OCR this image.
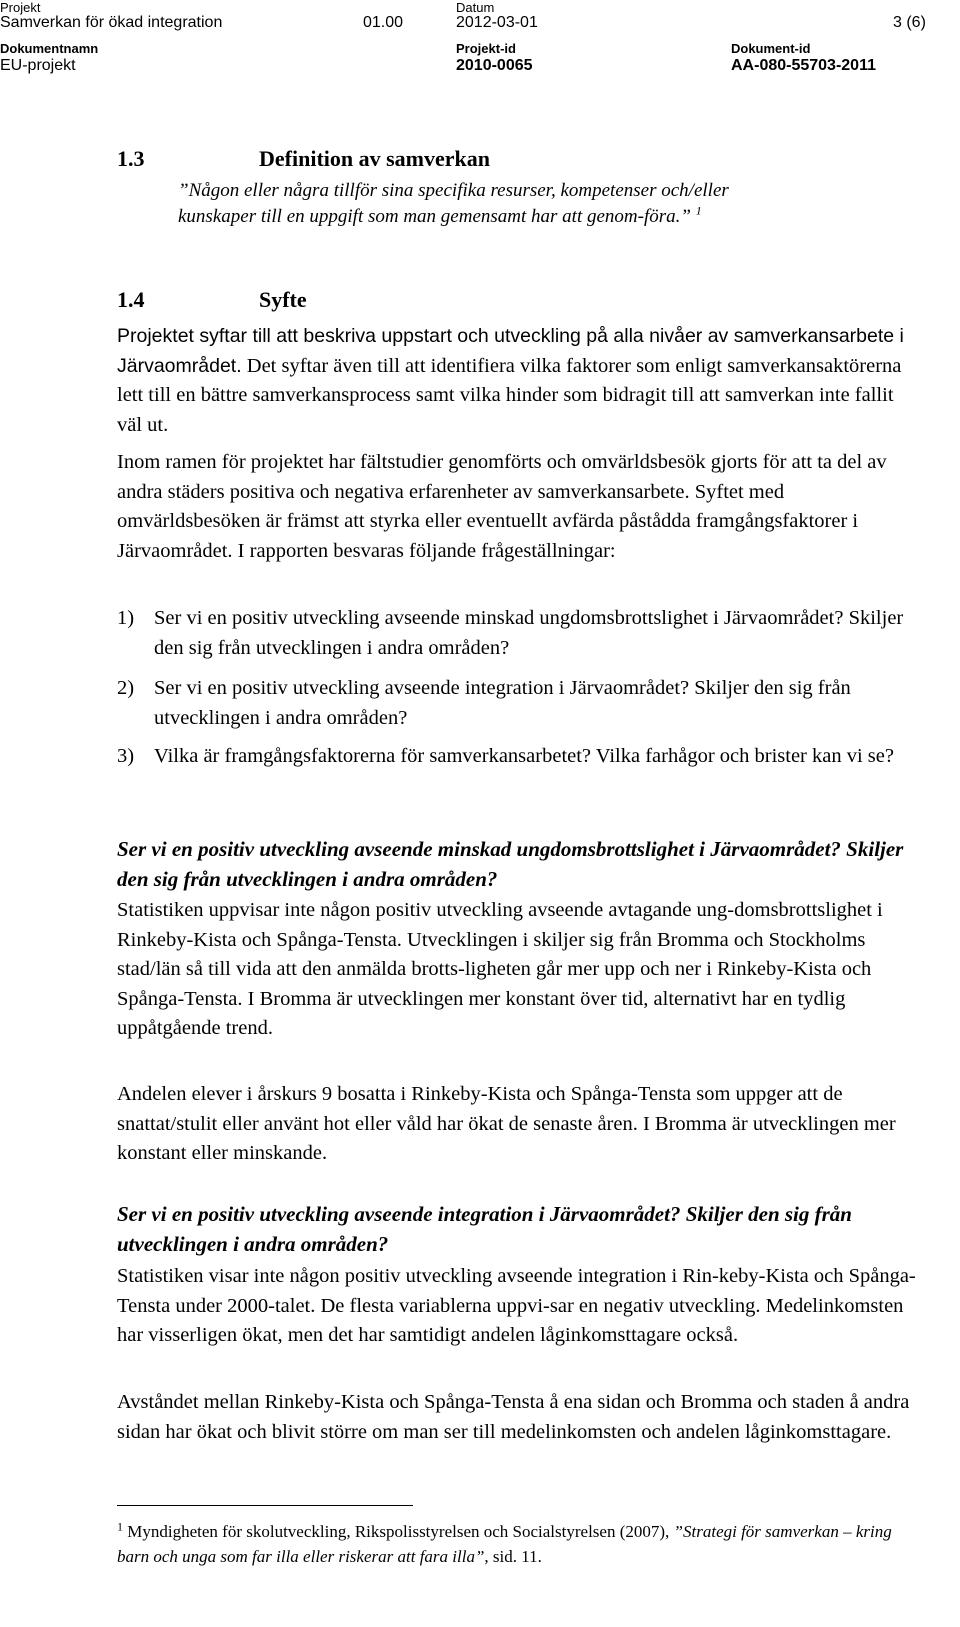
Projekt
Samverkan för ökad integration	01.00
Datum
2012-03-01	3 (6)
Dokumentnamn
EU-projekt
Projekt-id
2010-0065
Dokument-id
AA-080-55703-2011
1.3	Definition av samverkan
”Någon eller några tillför sina specifika resurser, kompetenser och/eller kunskaper till en uppgift som man gemensamt har att genom-föra.” $^1$
1.4	Syfte
Projektet syftar till att beskriva uppstart och utveckling på alla nivåer av samverkansarbete i Järvaområdet. Det syftar även till att identifiera vilka faktorer som enligt samverkansaktörerna lett till en bättre samverkansprocess samt vilka hinder som bidragit till att samverkan inte fallit väl ut.
Inom ramen för projektet har fältstudier genomförts och omvärldsbesök gjorts för att ta del av andra städers positiva och negativa erfarenheter av samverkansarbete. Syftet med omvärldsbesöken är främst att styrka eller eventuellt avfärda påstådda framgångsfaktorer i Järvaområdet. I rapporten besvaras följande frågeställningar:
1) Ser vi en positiv utveckling avseende minskad ungdomsbrottslighet i Järvaområdet? Skiljer den sig från utvecklingen i andra områden?
2) Ser vi en positiv utveckling avseende integration i Järvaområdet? Skiljer den sig från utvecklingen i andra områden?
3) Vilka är framgångsfaktorerna för samverkansarbetet? Vilka farhågor och brister kan vi se?
Ser vi en positiv utveckling avseende minskad ungdomsbrottslighet i Järvaområdet? Skiljer den sig från utvecklingen i andra områden?
Statistiken uppvisar inte någon positiv utveckling avseende avtagande ung-domsbrottslighet i Rinkeby-Kista och Spånga-Tensta. Utvecklingen i skiljer sig från Bromma och Stockholms stad/län så till vida att den anmälda brotts-ligheten går mer upp och ner i Rinkeby-Kista och Spånga-Tensta. I Bromma är utvecklingen mer konstant över tid, alternativt har en tydlig uppåtgående trend.
Andelen elever i årskurs 9 bosatta i Rinkeby-Kista och Spånga-Tensta som uppger att de snattat/stulit eller använt hot eller våld har ökat de senaste åren. I Bromma är utvecklingen mer konstant eller minskande.
Ser vi en positiv utveckling avseende integration i Järvaområdet? Skiljer den sig från utvecklingen i andra områden?
Statistiken visar inte någon positiv utveckling avseende integration i Rin-keby-Kista och Spånga-Tensta under 2000-talet. De flesta variablerna uppvi-sar en negativ utveckling. Medelinkomsten har visserligen ökat, men det har samtidigt andelen låginkomsttagare också.
Avståndet mellan Rinkeby-Kista och Spånga-Tensta å ena sidan och Bromma och staden å andra sidan har ökat och blivit större om man ser till medelinkomsten och andelen låginkomsttagare.
$^1$ Myndigheten för skolutveckling, Rikspolisstyrelsen och Socialstyrelsen (2007), ”Strategi för samverkan – kring barn och unga som far illa eller riskerar att fara illa”, sid. 11.
